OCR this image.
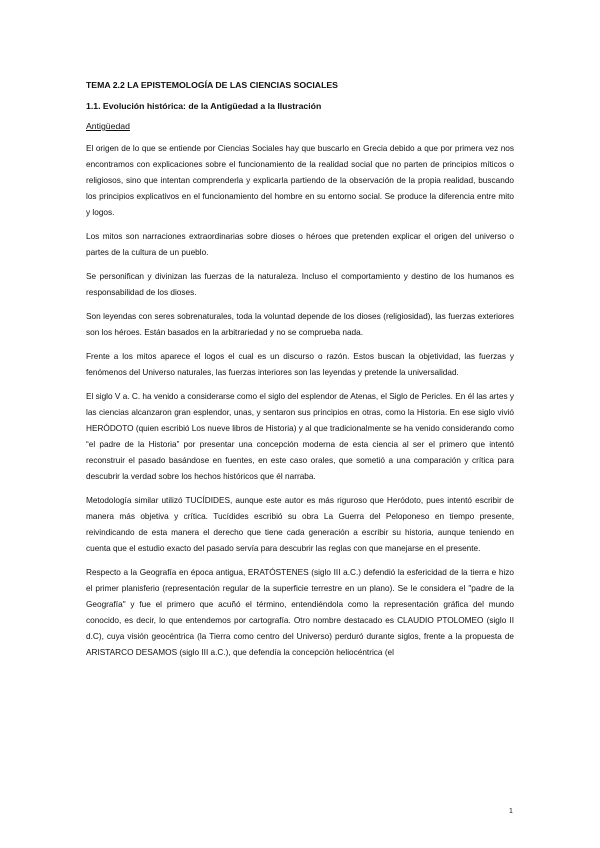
TEMA 2.2 LA EPISTEMOLOGÍA DE LAS CIENCIAS SOCIALES
1.1. Evolución histórica: de la Antigüedad a la Ilustración
Antigüedad

El origen de lo que se entiende por Ciencias Sociales hay que buscarlo en Grecia debido a que por primera vez nos encontramos con explicaciones sobre el funcionamiento de la realidad social que no parten de principios míticos o religiosos, sino que intentan comprenderla y explicarla partiendo de la observación de la propia realidad, buscando los principios explicativos en el funcionamiento del hombre en su entorno social. Se produce la diferencia entre mito y logos.

Los mitos son narraciones extraordinarias sobre dioses o héroes que pretenden explicar el origen del universo o partes de la cultura de un pueblo.

Se personifican y divinizan las fuerzas de la naturaleza. Incluso el comportamiento y destino de los humanos es responsabilidad de los dioses.

Son leyendas con seres sobrenaturales, toda la voluntad depende de los dioses (religiosidad), las fuerzas exteriores son los héroes. Están basados en la arbitrariedad y no se comprueba nada.

Frente a los mitos aparece el logos el cual es un discurso o razón. Estos buscan la objetividad, las fuerzas y fenómenos del Universo naturales, las fuerzas interiores son las leyendas y pretende la universalidad.

El siglo V a. C. ha venido a considerarse como el siglo del esplendor de Atenas, el Siglo de Pericles. En él las artes y las ciencias alcanzaron gran esplendor, unas, y sentaron sus principios en otras, como la Historia. En ese siglo vivió HERÓDOTO (quien escribió Los nueve libros de Historia) y al que tradicionalmente se ha venido considerando como “el padre de la Historia” por presentar una concepción moderna de esta ciencia al ser el primero que intentó reconstruir el pasado basándose en fuentes, en este caso orales, que sometió a una comparación y crítica para descubrir la verdad sobre los hechos históricos que él narraba.

Metodología similar utilizó TUCÍDIDES, aunque este autor es más riguroso que Heródoto, pues intentó escribir de manera más objetiva y crítica. Tucídides escribió su obra La Guerra del Peloponeso en tiempo presente, reivindicando de esta manera el derecho que tiene cada generación a escribir su historia, aunque teniendo en cuenta que el estudio exacto del pasado servía para descubrir las reglas con que manejarse en el presente.

Respecto a la Geografía en época antigua, ERATÓSTENES (siglo III a.C.) defendió la esfericidad de la tierra e hizo el primer planisferio (representación regular de la superficie terrestre en un plano). Se le considera el "padre de la Geografía" y fue el primero que acuñó el término, entendiéndola como la representación gráfica del mundo conocido, es decir, lo que entendemos por cartografía. Otro nombre destacado es CLAUDIO PTOLOMEO (siglo II d.C), cuya visión geocéntrica (la Tierra como centro del Universo) perduró durante siglos, frente a la propuesta de ARISTARCO DESAMOS (siglo III a.C.), que defendía la concepción heliocéntrica (el

1
